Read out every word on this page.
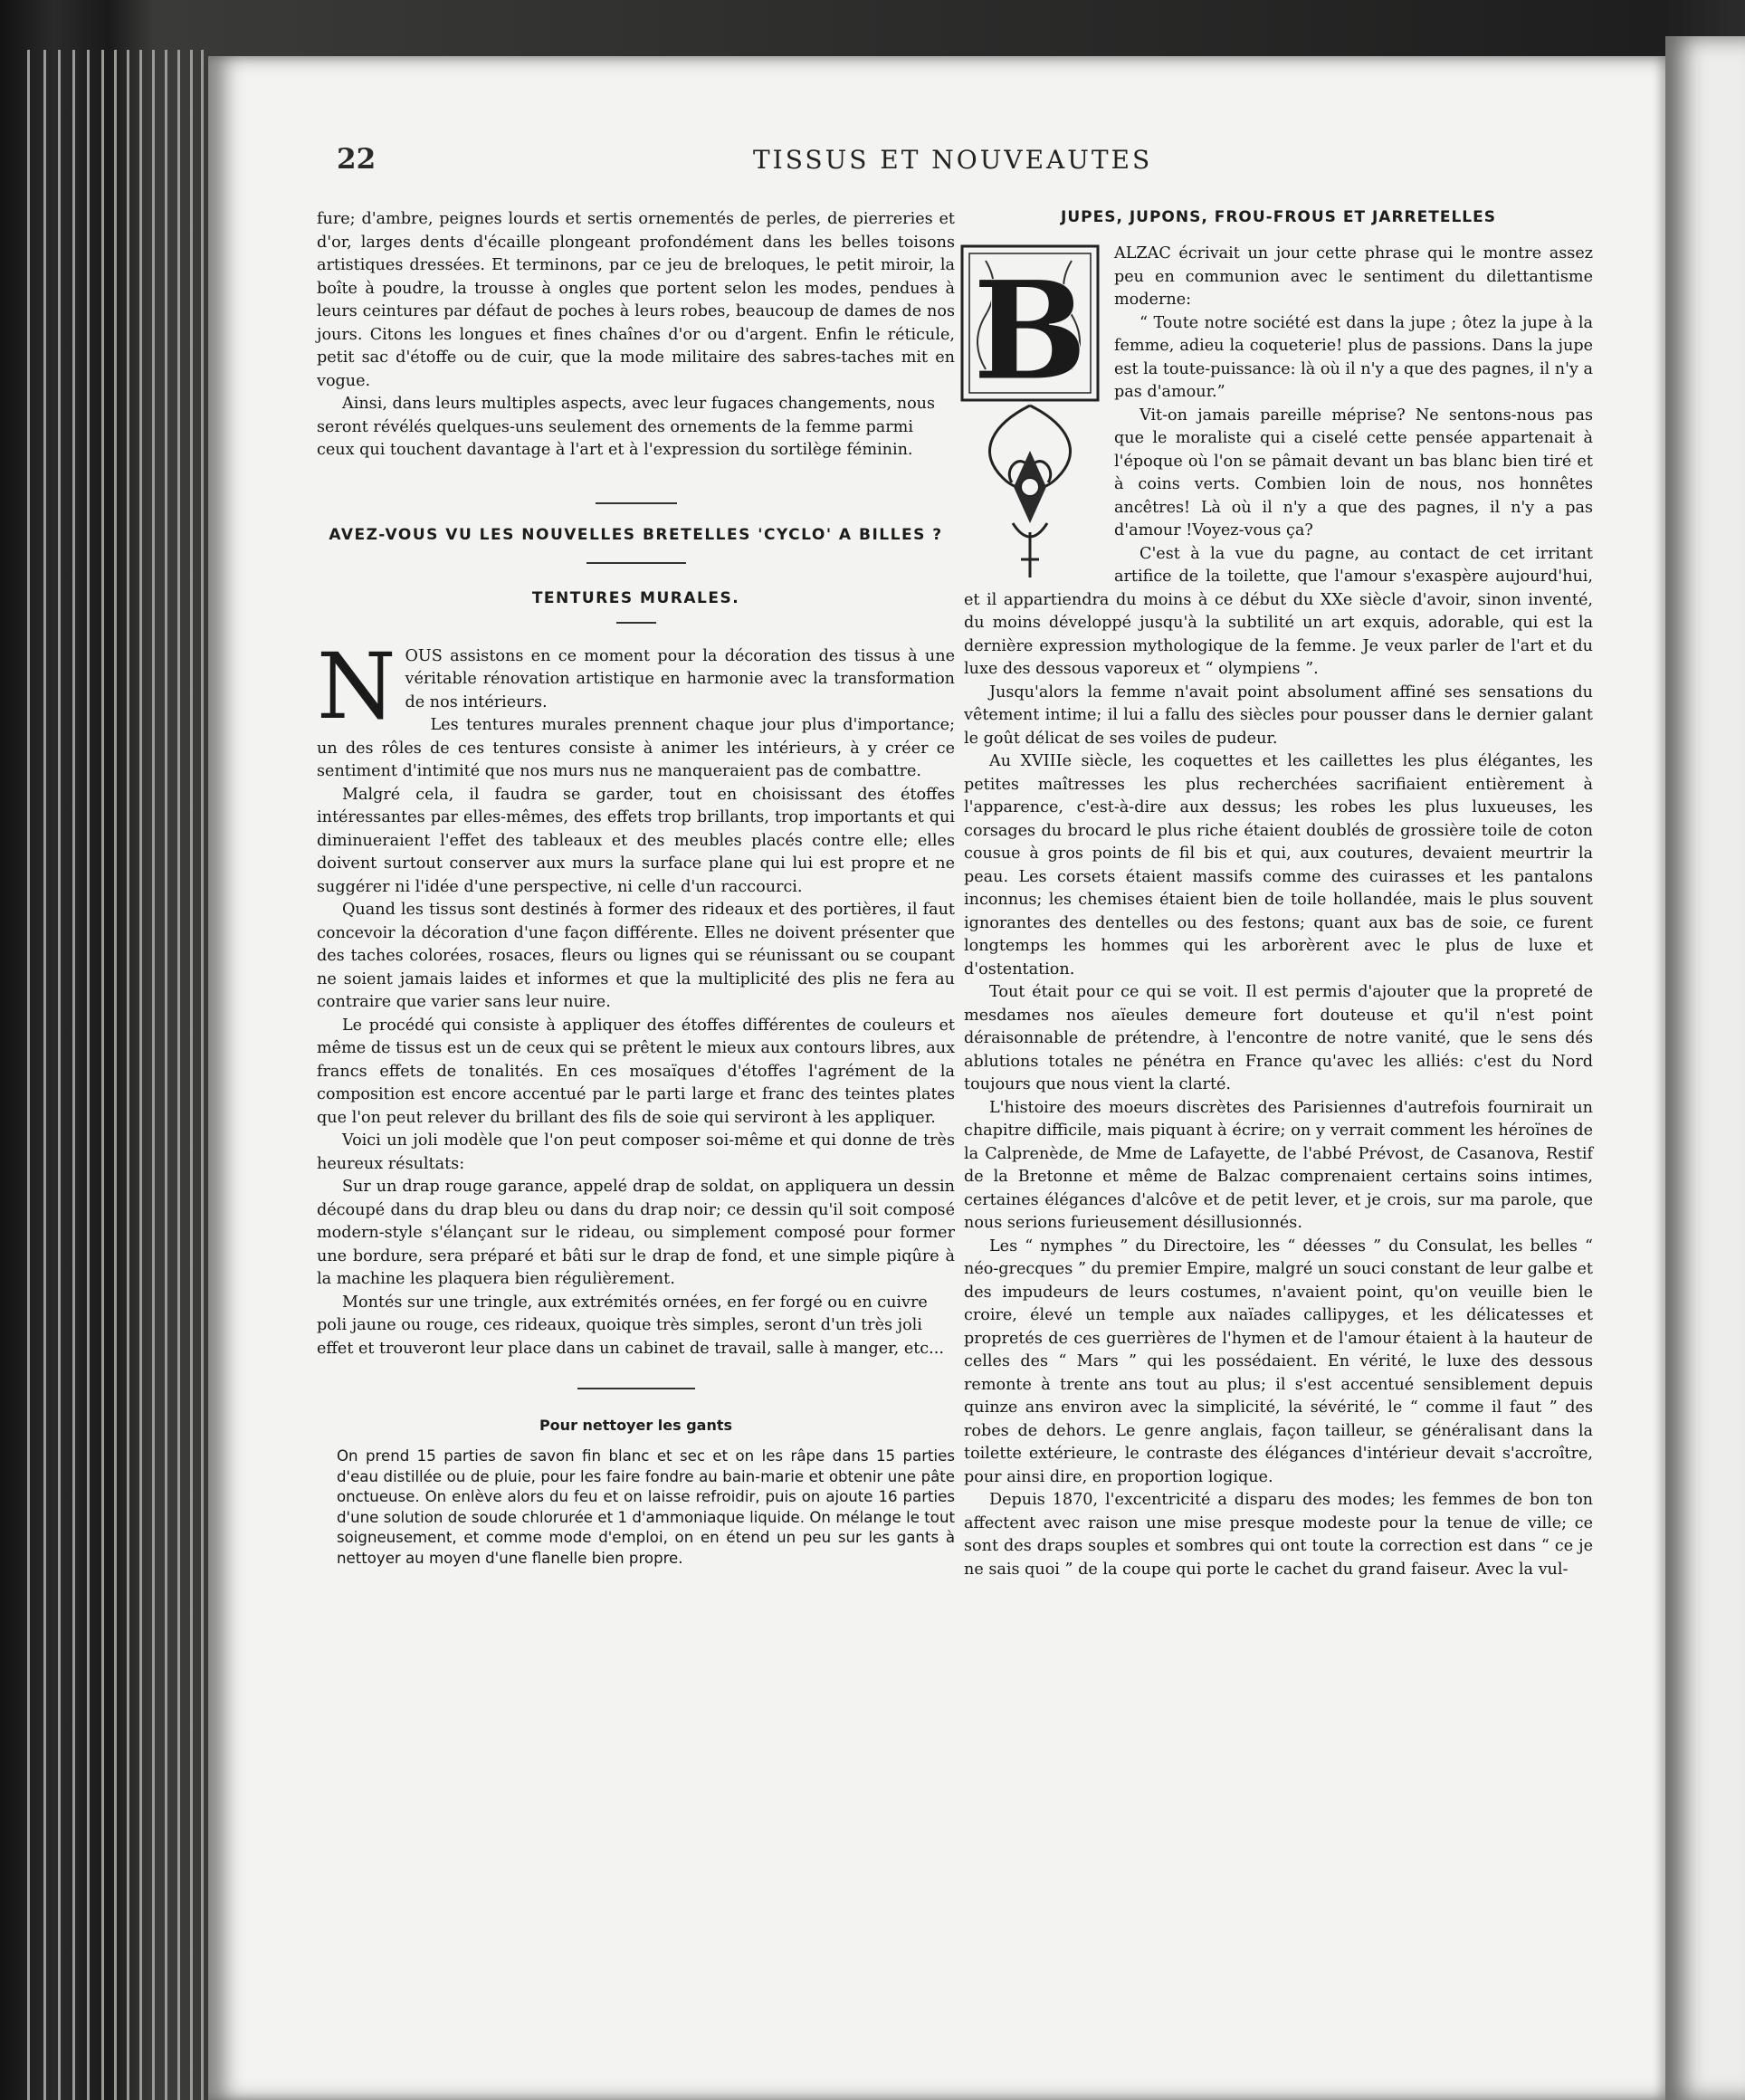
22	TISSUS ET NOUVEAUTES

fure; d'ambre, peignes lourds et sertis ornementés de perles, de pierreries et d'or, larges dents d'écaille plongeant profondément dans les belles toisons artistiques dressées. Et terminons, par ce jeu de breloques, le petit miroir, la boîte à poudre, la trousse à ongles que portent selon les modes, pendues à leurs ceintures par défaut de poches à leurs robes, beaucoup de dames de nos jours. Citons les longues et fines chaînes d'or ou d'argent. Enfin le réticule, petit sac d'étoffe ou de cuir, que la mode militaire des sabres-taches mit en vogue.

Ainsi, dans leurs multiples aspects, avec leur fugaces changements, nous seront révélés quelques-uns seulement des ornements de la femme parmi ceux qui touchent davantage à l'art et à l'expression du sortilège féminin.

AVEZ-VOUS VU LES NOUVELLES BRETELLES 'CYCLO' A BILLES ?
TENTURES MURALES.
N OUS assistons en ce moment pour la décoration des tissus à une véritable rénovation artistique en harmonie avec la transformation de nos intérieurs.

Les tentures murales prennent chaque jour plus d'importance; un des rôles de ces tentures consiste à animer les intérieurs, à y créer ce sentiment d'intimité que nos murs nus ne manqueraient pas de combattre.

Malgré cela, il faudra se garder, tout en choisissant des étoffes intéressantes par elles-mêmes, des effets trop brillants, trop importants et qui diminueraient l'effet des tableaux et des meubles placés contre elle; elles doivent surtout conserver aux murs la surface plane qui lui est propre et ne suggérer ni l'idée d'une perspective, ni celle d'un raccourci.

Quand les tissus sont destinés à former des rideaux et des portières, il faut concevoir la décoration d'une façon différente. Elles ne doivent présenter que des taches colorées, rosaces, fleurs ou lignes qui se réunissant ou se coupant ne soient jamais laides et informes et que la multiplicité des plis ne fera au contraire que varier sans leur nuire.

Le procédé qui consiste à appliquer des étoffes différentes de couleurs et même de tissus est un de ceux qui se prêtent le mieux aux contours libres, aux francs effets de tonalités. En ces mosaïques d'étoffes l'agrément de la composition est encore accentué par le parti large et franc des teintes plates que l'on peut relever du brillant des fils de soie qui serviront à les appliquer.

Voici un joli modèle que l'on peut composer soi-même et qui donne de très heureux résultats:

Sur un drap rouge garance, appelé drap de soldat, on appliquera un dessin découpé dans du drap bleu ou dans du drap noir; ce dessin qu'il soit composé modern-style s'élançant sur le rideau, ou simplement composé pour former une bordure, sera préparé et bâti sur le drap de fond, et une simple piqûre à la machine les plaquera bien régulièrement.

Montés sur une tringle, aux extrémités ornées, en fer forgé ou en cuivre poli jaune ou rouge, ces rideaux, quoique très simples, seront d'un très joli effet et trouveront leur place dans un cabinet de travail, salle à manger, etc...

Pour nettoyer les gants

On prend 15 parties de savon fin blanc et sec et on les râpe dans 15 parties d'eau distillée ou de pluie, pour les faire fondre au bain-marie et obtenir une pâte onctueuse. On enlève alors du feu et on laisse refroidir, puis on ajoute 16 parties d'une solution de soude chlorurée et 1 d'ammoniaque liquide. On mélange le tout soigneusement, et comme mode d'emploi, on en étend un peu sur les gants à nettoyer au moyen d'une flanelle bien propre.

JUPES, JUPONS, FROU-FROUS ET JARRETELLES
B	ALZAC écrivait un jour cette phrase qui le montre assez peu en communion avec le sentiment du dilettantisme moderne:

“ Toute notre société est dans la jupe ; ôtez la jupe à la femme, adieu la coqueterie! plus de passions. Dans la jupe est la toute-puissance: là où il n'y a que des pagnes, il n'y a pas d'amour.”

Vit-on jamais pareille méprise? Ne sentons-nous pas que le moraliste qui a ciselé cette pensée appartenait à l'époque où l'on se pâmait devant un bas blanc bien tiré et à coins verts. Combien loin de nous, nos honnêtes ancêtres! Là où il n'y a que des pagnes, il n'y a pas d'amour !Voyez-vous ça?

C'est à la vue du pagne, au contact de cet irritant artifice de la toilette, que l'amour s'exaspère aujourd'hui, et il appartiendra du moins à ce début du XXe siècle d'avoir, sinon inventé, du moins développé jusqu'à la subtilité un art exquis, adorable, qui est la dernière expression mythologique de la femme. Je veux parler de l'art et du luxe des dessous vaporeux et “ olympiens ”.

Jusqu'alors la femme n'avait point absolument affiné ses sensations du vêtement intime; il lui a fallu des siècles pour pousser dans le dernier galant le goût délicat de ses voiles de pudeur.

Au XVIIIe siècle, les coquettes et les caillettes les plus élégantes, les petites maîtresses les plus recherchées sacrifiaient entièrement à l'apparence, c'est-à-dire aux dessus; les robes les plus luxueuses, les corsages du brocard le plus riche étaient doublés de grossière toile de coton cousue à gros points de fil bis et qui, aux coutures, devaient meurtrir la peau. Les corsets étaient massifs comme des cuirasses et les pantalons inconnus; les chemises étaient bien de toile hollandée, mais le plus souvent ignorantes des dentelles ou des festons; quant aux bas de soie, ce furent longtemps les hommes qui les arborèrent avec le plus de luxe et d'ostentation.

Tout était pour ce qui se voit. Il est permis d'ajouter que la propreté de mesdames nos aïeules demeure fort douteuse et qu'il n'est point déraisonnable de prétendre, à l'encontre de notre vanité, que le sens dés ablutions totales ne pénétra en France qu'avec les alliés: c'est du Nord toujours que nous vient la clarté.

L'histoire des moeurs discrètes des Parisiennes d'autrefois fournirait un chapitre difficile, mais piquant à écrire; on y verrait comment les héroïnes de la Calprenède, de Mme de Lafayette, de l'abbé Prévost, de Casanova, Restif de la Bretonne et même de Balzac comprenaient certains soins intimes, certaines élégances d'alcôve et de petit lever, et je crois, sur ma parole, que nous serions furieusement désillusionnés.

Les “ nymphes ” du Directoire, les “ déesses ” du Consulat, les belles “ néo-grecques ” du premier Empire, malgré un souci constant de leur galbe et des impudeurs de leurs costumes, n'avaient point, qu'on veuille bien le croire, élevé un temple aux naïades callipyges, et les délicatesses et propretés de ces guerrières de l'hymen et de l'amour étaient à la hauteur de celles des “ Mars ” qui les possédaient. En vérité, le luxe des dessous remonte à trente ans tout au plus; il s'est accentué sensiblement depuis quinze ans environ avec la simplicité, la sévérité, le “ comme il faut ” des robes de dehors. Le genre anglais, façon tailleur, se généralisant dans la toilette extérieure, le contraste des élégances d'intérieur devait s'accroître, pour ainsi dire, en proportion logique.

Depuis 1870, l'excentricité a disparu des modes; les femmes de bon ton affectent avec raison une mise presque modeste pour la tenue de ville; ce sont des draps souples et sombres qui ont toute la correction est dans “ ce je ne sais quoi ” de la coupe qui porte le cachet du grand faiseur. Avec la vul-
